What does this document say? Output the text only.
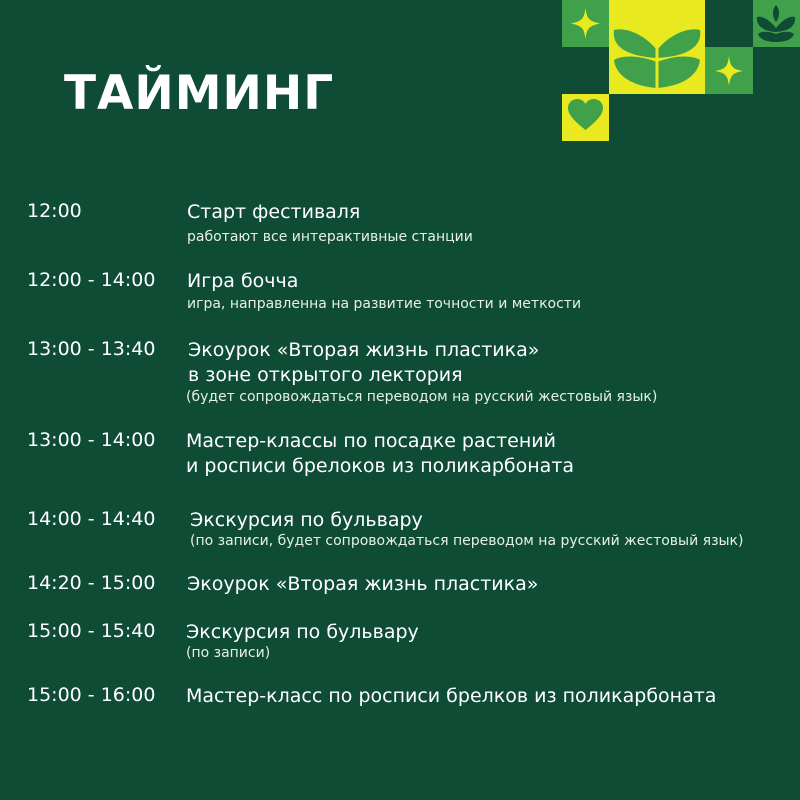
ТАЙМИНГ
12:00	Старт фестиваля
работают все интерактивные станции
12:00 - 14:00 Игра бочча
игра, направленна на развитие точности и меткости
13:00 - 13:40 Экоурок «Вторая жизнь пластика»
в зоне открытого лектория
(будет сопровождаться переводом на русский жестовый язык)
13:00 - 14:00 Мастер-классы по посадке растений
и росписи брелоков из поликарбоната
14:00 - 14:40 Экскурсия по бульвару
(по записи, будет сопровождаться переводом на русский жестовый язык)
14:20 - 15:00 Экоурок «Вторая жизнь пластика»
15:00 - 15:40 Экскурсия по бульвару
(по записи)
15:00 - 16:00 Мастер-класс по росписи брелков из поликарбоната
